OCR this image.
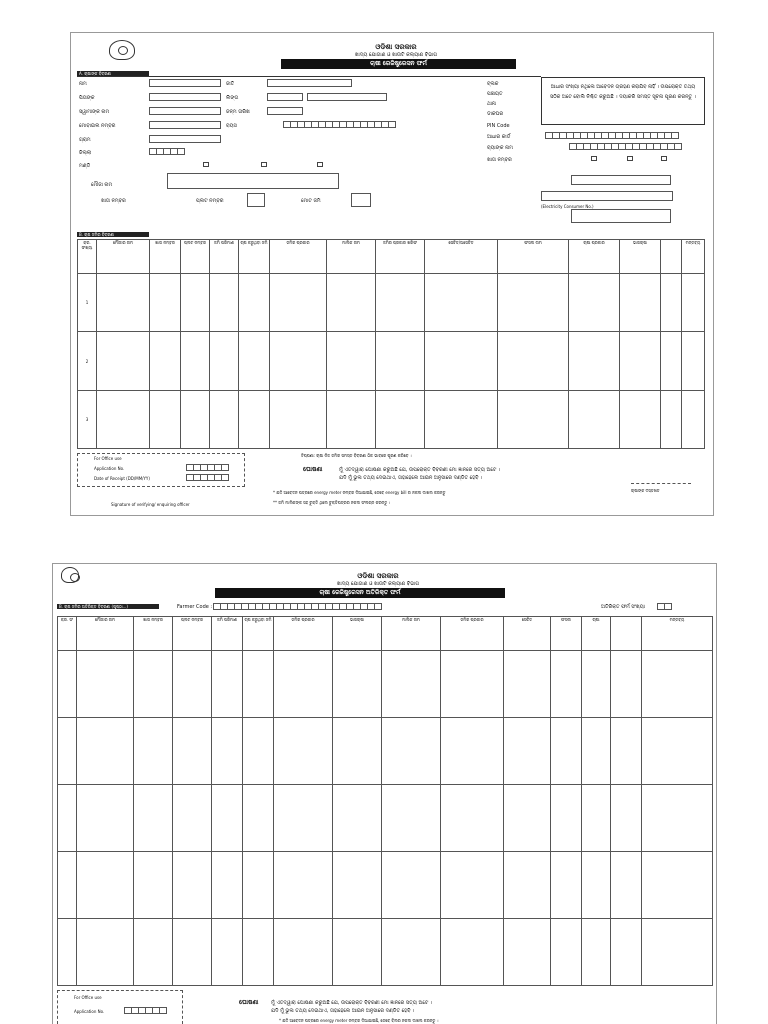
ଓଡିଶା ସରକାର
ଖାଦ୍ୟ ଯୋଗାଣ ଓ ଖାଉଟି କଲ୍ୟାଣ ବିଭାଗ
ଚାଷୀ ରେଜିଷ୍ଟ୍ରେସନ ଫର୍ମ
A. ଚାଷୀଙ୍କ ବିବରଣୀ
ନାମ
ପିତାଙ୍କ
ସ୍ୱାମୀଙ୍କ ନାମ
ମୋବାଇଲ ନମ୍ବର
ଗ୍ରାମ
ଜିଲ୍ଲା
ମଣ୍ଡି
ଜାତି
ଲିଙ୍ଗ
ଜନ୍ମ ତାରିଖ
ବୟସ
ବ୍ଲକ
ପଞ୍ଚାୟତ
ଥାନା
ଡାକଘର
PIN Code
ଆଧାର କାର୍ଡ
ବ୍ୟାଙ୍କ ନାମ
ଖାତା ନମ୍ବର
ଆଧାର ସଂଖ୍ୟା ନଥିଲେ ଆବେଦନ ଗ୍ରହଣ କରାଯିବ ନାହିଁ । ଉପରୋକ୍ତ ତଥ୍ୟ ସଠିକ ଅଟେ ବୋଲି ନିଶ୍ଚିତ କରୁଅଛି । ଦୟାକରି ସମସ୍ତ ସୂଚନା ପୂରଣ କରନ୍ତୁ ।
ମୌଜା ନାମ
ଖାତା ନମ୍ବର	ପ୍ଲଟ ନମ୍ବର	ମୋଟ ଜମି
(Electricity Consumer No.)
B. ଚାଷ ଜମିର ବିବରଣୀ
କ୍ର. ସଂଖ୍ୟା	ମୌଜାର ନାମ	ଖାତା ନମ୍ବର	ପ୍ଲଟ ନମ୍ବର	ଜମି ପରିମାଣ	ଚାଷ କରୁଥିବା ଜମି	ଜମିର ପ୍ରକାର	ମାଲିକ ନାମ	ଜମିର ପ୍ରକାର ଖରିଫ	ସେଚିତ/ଅସେଚିତ	ଫସଲ ନାମ	ଚାଷୀ ପ୍ରକାର	ଭାଗଚାଷୀ		ମନ୍ତବ୍ୟ
1														
2														
3														
ଟିପ୍ପଣୀ: ଚାଷୀ ନିଜ ଜମିର ସମସ୍ତ ବିବରଣୀ ଠିକ ଭାବରେ ପୂରଣ କରିବେ ।
For Office use
Application No.
Date of Receipt (DD/MM/YY)
ଘୋଷଣା	ମୁଁ ଏତଦ୍ୱାରା ଘୋଷଣା କରୁଅଛି ଯେ, ଉପରୋକ୍ତ ବିବରଣୀ ମୋ ଜ୍ଞାନରେ ସତ୍ୟ ଅଟେ ।
ଯଦି ମୁଁ ଭୁଲ ତଥ୍ୟ ଦେଇଥାଏ, ତାହାହେଲେ ଆଇନ ଅନୁସାରେ ଦଣ୍ଡିତ ହେବି ।
* ଯଦି ଆବେଦନ ପତ୍ରରେ energy meter ନମ୍ବର ଦିଆଯାଇଛି, ତେବେ energy bill ର ନକଲ ଦାଖଲ କରନ୍ତୁ
** ଜମି ମାଲିକଙ୍କ ସହ ଚୁକ୍ତି ଥିଲେ ଚୁକ୍ତିପତ୍ରର ନକଲ ସଂଲଗ୍ନ କରନ୍ତୁ ।
Signature of verifying/ enquiring officer
ଚାଷୀଙ୍କ ଦସ୍ତଖତ
ଓଡିଶା ସରକାର
ଖାଦ୍ୟ ଯୋଗାଣ ଓ ଖାଉଟି କଲ୍ୟାଣ ବିଭାଗ
ଚାଷୀ ରେଜିଷ୍ଟ୍ରେସନ ଅତିରିକ୍ତ ଫର୍ମ
B. ଚାଷ ଜମିର ଅତିରିକ୍ତ ବିବରଣୀ (ପୃଷ୍ଠା...)	Farmer Code :	ଅତିରିକ୍ତ ଫର୍ମ ସଂଖ୍ୟା
କ୍ର. ସଂ	ମୌଜାର ନାମ	ଖାତା ନମ୍ବର	ପ୍ଲଟ ନମ୍ବର	ଜମି ପରିମାଣ	ଚାଷ କରୁଥିବା ଜମି	ଜମିର ପ୍ରକାର	ଭାଗଚାଷୀ	ମାଲିକ ନାମ	ଜମିର ପ୍ରକାର	ସେଚିତ	ଫସଲ	ଚାଷୀ		ମନ୍ତବ୍ୟ

For Office use
Application No.
ଘୋଷଣା	ମୁଁ ଏତଦ୍ୱାରା ଘୋଷଣା କରୁଅଛି ଯେ, ଉପରୋକ୍ତ ବିବରଣୀ ମୋ ଜ୍ଞାନରେ ସତ୍ୟ ଅଟେ ।
ଯଦି ମୁଁ ଭୁଲ ତଥ୍ୟ ଦେଇଥାଏ, ତାହାହେଲେ ଆଇନ ଅନୁସାରେ ଦଣ୍ଡିତ ହେବି ।
* ଯଦି ଆବେଦନ ପତ୍ରରେ energy meter ନମ୍ବର ଦିଆଯାଇଛି, ତେବେ ବିଲର ନକଲ ଦାଖଲ କରନ୍ତୁ ।
